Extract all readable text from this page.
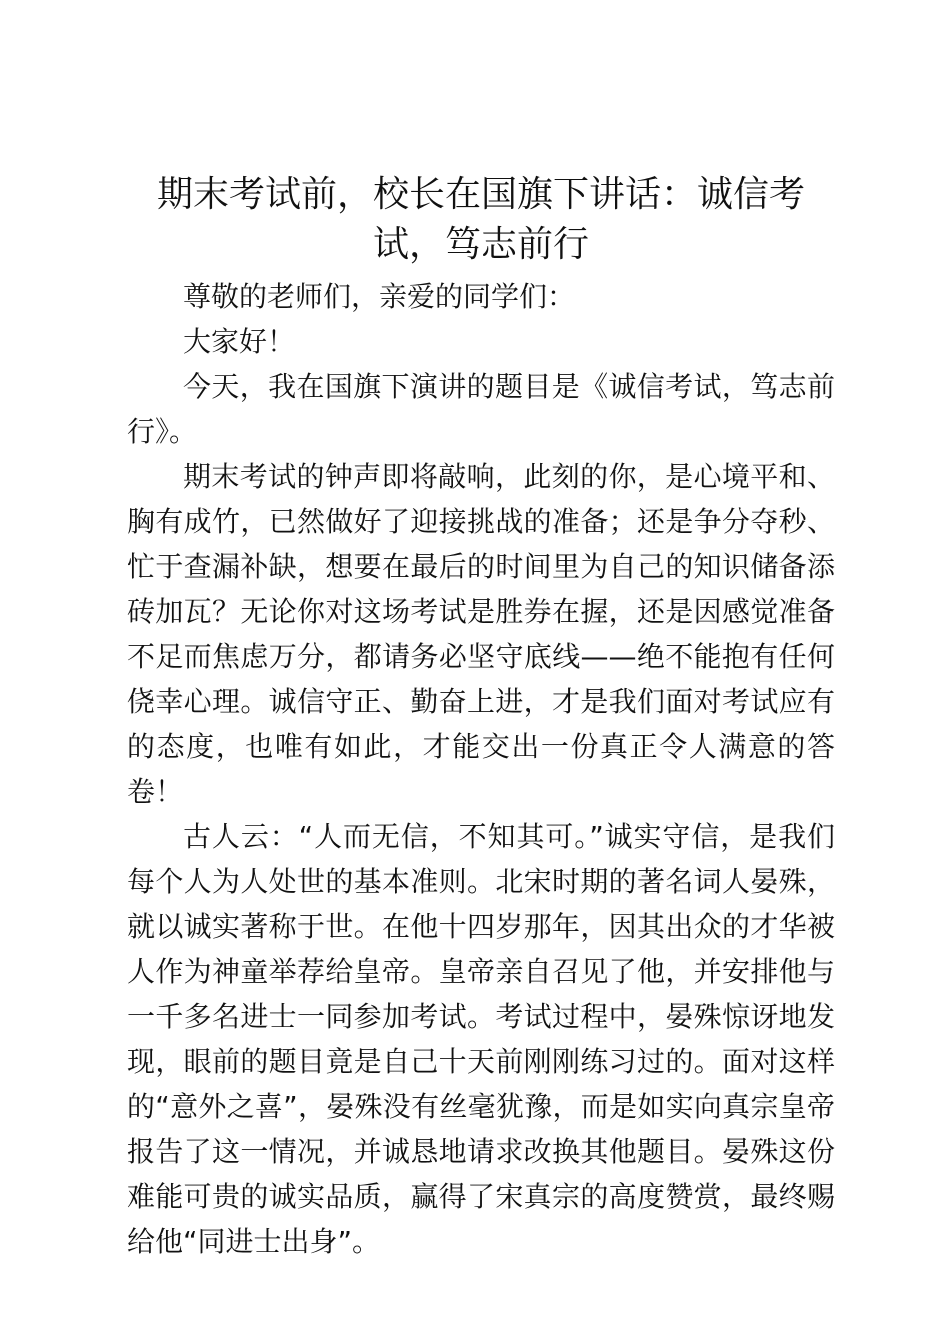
期末考试前，校长在国旗下讲话：诚信考试，笃志前行

尊敬的老师们，亲爱的同学们：

大家好！

今天，我在国旗下演讲的题目是《诚信考试，笃志前行》。

期末考试的钟声即将敲响，此刻的你，是心境平和、胸有成竹，已然做好了迎接挑战的准备；还是争分夺秒、忙于查漏补缺，想要在最后的时间里为自己的知识储备添砖加瓦？无论你对这场考试是胜券在握，还是因感觉准备不足而焦虑万分，都请务必坚守底线——绝不能抱有任何侥幸心理。诚信守正、勤奋上进，才是我们面对考试应有的态度，也唯有如此，才能交出一份真正令人满意的答卷！

古人云：“人而无信，不知其可。”诚实守信，是我们每个人为人处世的基本准则。北宋时期的著名词人晏殊，就以诚实著称于世。在他十四岁那年，因其出众的才华被人作为神童举荐给皇帝。皇帝亲自召见了他，并安排他与一千多名进士一同参加考试。考试过程中，晏殊惊讶地发现，眼前的题目竟是自己十天前刚刚练习过的。面对这样的“意外之喜”，晏殊没有丝毫犹豫，而是如实向真宗皇帝报告了这一情况，并诚恳地请求改换其他题目。晏殊这份难能可贵的诚实品质，赢得了宋真宗的高度赞赏，最终赐给他“同进士出身”。
